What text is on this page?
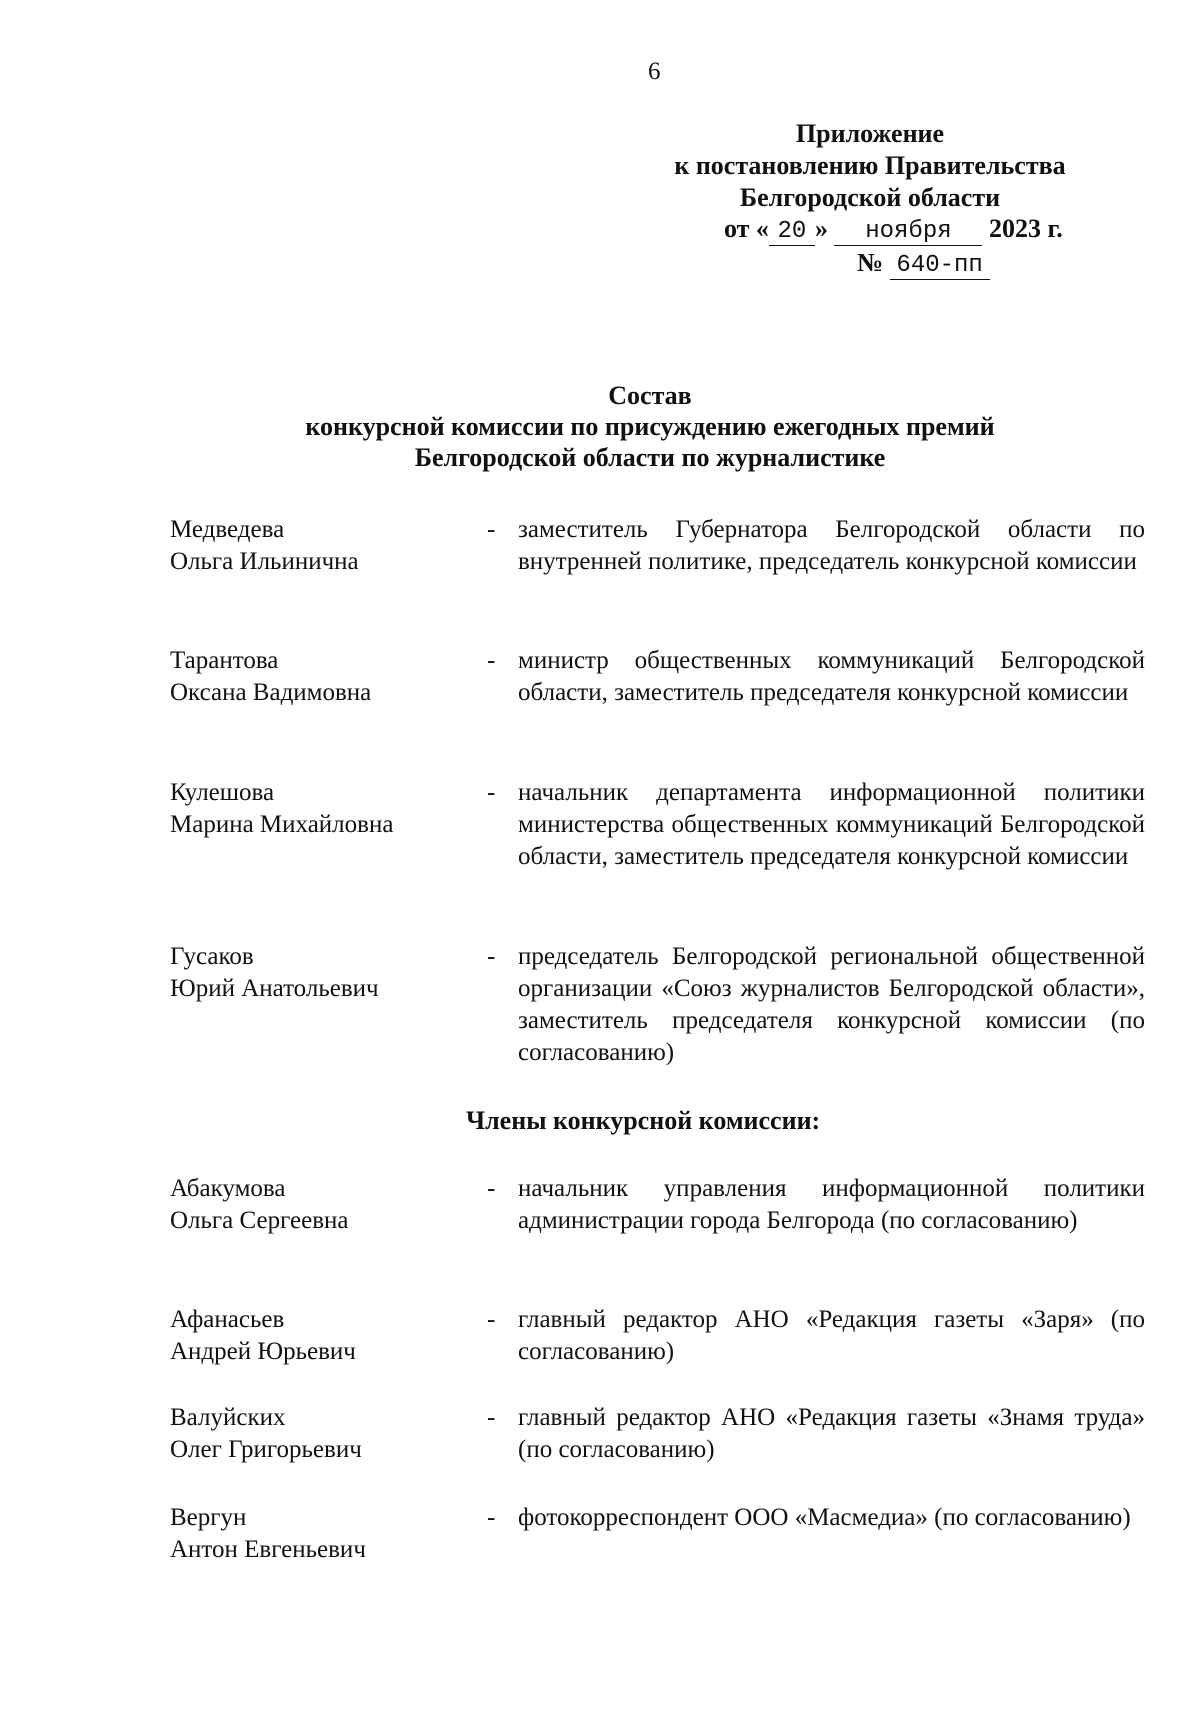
6
Приложение
к постановлению Правительства
Белгородской области
от « 20 » ноября 2023 г.
№ 640-пп
Состав
конкурсной комиссии по присуждению ежегодных премий
Белгородской области по журналистике
Медведева
Ольга Ильинична
- заместитель Губернатора Белгородской области по внутренней политике, председатель конкурсной комиссии
Тарантова
Оксана Вадимовна
- министр общественных коммуникаций Белгородской области, заместитель председателя конкурсной комиссии
Кулешова
Марина Михайловна
- начальник департамента информационной политики министерства общественных коммуникаций Белгородской области, заместитель председателя конкурсной комиссии
Гусаков
Юрий Анатольевич
- председатель Белгородской региональной общественной организации «Союз журналистов Белгородской области», заместитель председателя конкурсной комиссии (по согласованию)
Члены конкурсной комиссии:
Абакумова
Ольга Сергеевна
- начальник управления информационной политики администрации города Белгорода (по согласованию)
Афанасьев
Андрей Юрьевич
- главный редактор АНО «Редакция газеты «Заря» (по согласованию)
Валуйских
Олег Григорьевич
- главный редактор АНО «Редакция газеты «Знамя труда» (по согласованию)
Вергун
Антон Евгеньевич
- фотокорреспондент ООО «Масмедиа» (по согласованию)
